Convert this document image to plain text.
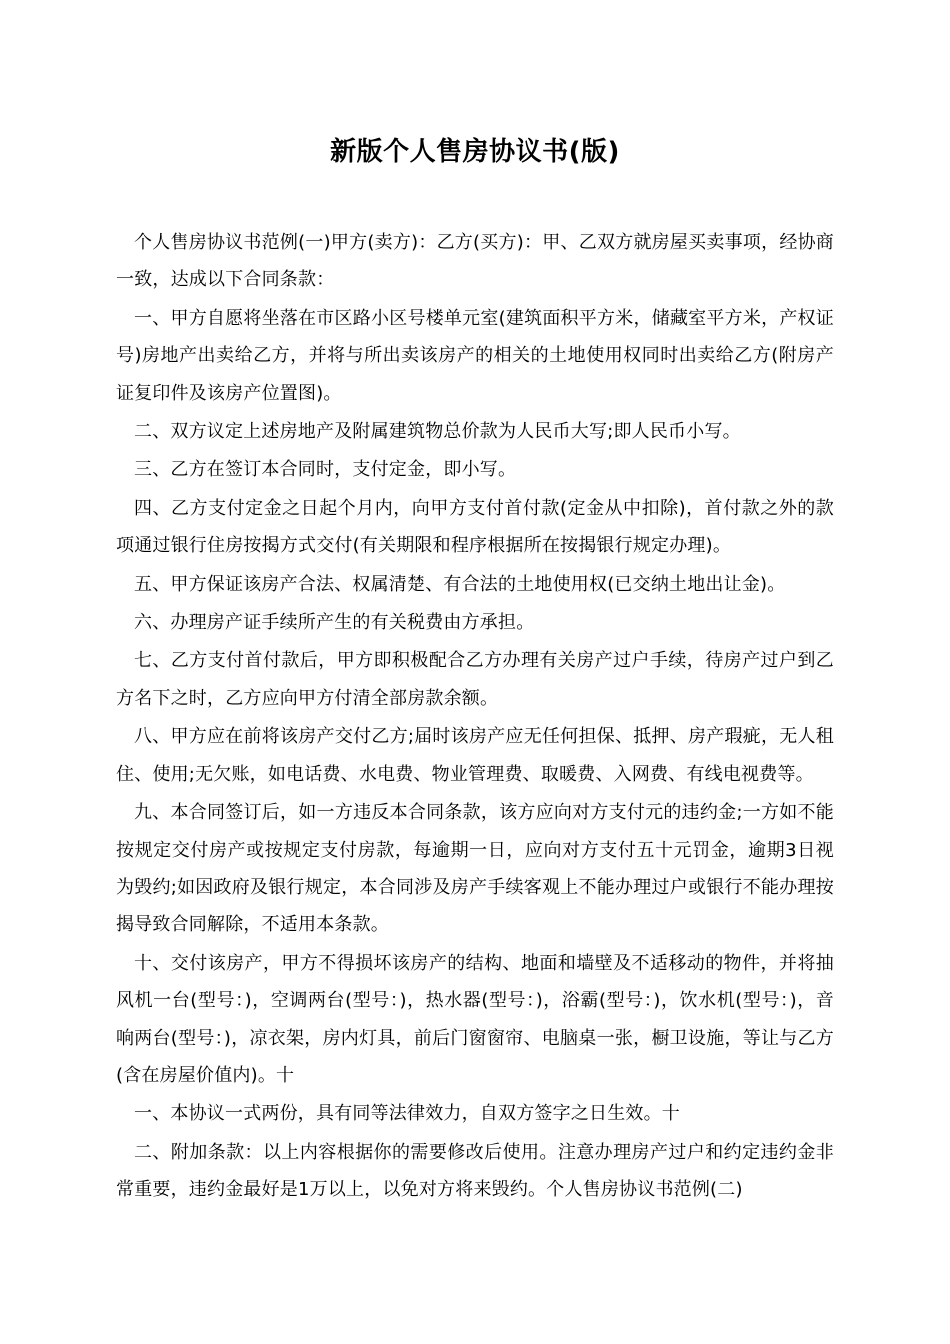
新版个人售房协议书(版)

个人售房协议书范例(一)甲方(卖方)：乙方(买方)：甲、乙双方就房屋买卖事项，经协商一致，达成以下合同条款：

一、甲方自愿将坐落在市区路小区号楼单元室(建筑面积平方米，储藏室平方米，产权证号)房地产出卖给乙方，并将与所出卖该房产的相关的土地使用权同时出卖给乙方(附房产证复印件及该房产位置图)。

二、双方议定上述房地产及附属建筑物总价款为人民币大写;即人民币小写。

三、乙方在签订本合同时，支付定金，即小写。

四、乙方支付定金之日起个月内，向甲方支付首付款(定金从中扣除)，首付款之外的款项通过银行住房按揭方式交付(有关期限和程序根据所在按揭银行规定办理)。

五、甲方保证该房产合法、权属清楚、有合法的土地使用权(已交纳土地出让金)。

六、办理房产证手续所产生的有关税费由方承担。

七、乙方支付首付款后，甲方即积极配合乙方办理有关房产过户手续，待房产过户到乙方名下之时，乙方应向甲方付清全部房款余额。

八、甲方应在前将该房产交付乙方;届时该房产应无任何担保、抵押、房产瑕疵，无人租住、使用;无欠账，如电话费、水电费、物业管理费、取暖费、入网费、有线电视费等。

九、本合同签订后，如一方违反本合同条款，该方应向对方支付元的违约金;一方如不能按规定交付房产或按规定支付房款，每逾期一日，应向对方支付五十元罚金，逾期3日视为毁约;如因政府及银行规定，本合同涉及房产手续客观上不能办理过户或银行不能办理按揭导致合同解除，不适用本条款。

十、交付该房产，甲方不得损坏该房产的结构、地面和墙壁及不适移动的物件，并将抽风机一台(型号：)，空调两台(型号：)，热水器(型号：)，浴霸(型号：)，饮水机(型号：)，音响两台(型号：)，凉衣架，房内灯具，前后门窗窗帘、电脑桌一张，橱卫设施，等让与乙方(含在房屋价值内)。十

一、本协议一式两份，具有同等法律效力，自双方签字之日生效。十

二、附加条款：以上内容根据你的需要修改后使用。注意办理房产过户和约定违约金非常重要，违约金最好是1万以上，以免对方将来毁约。个人售房协议书范例(二)
